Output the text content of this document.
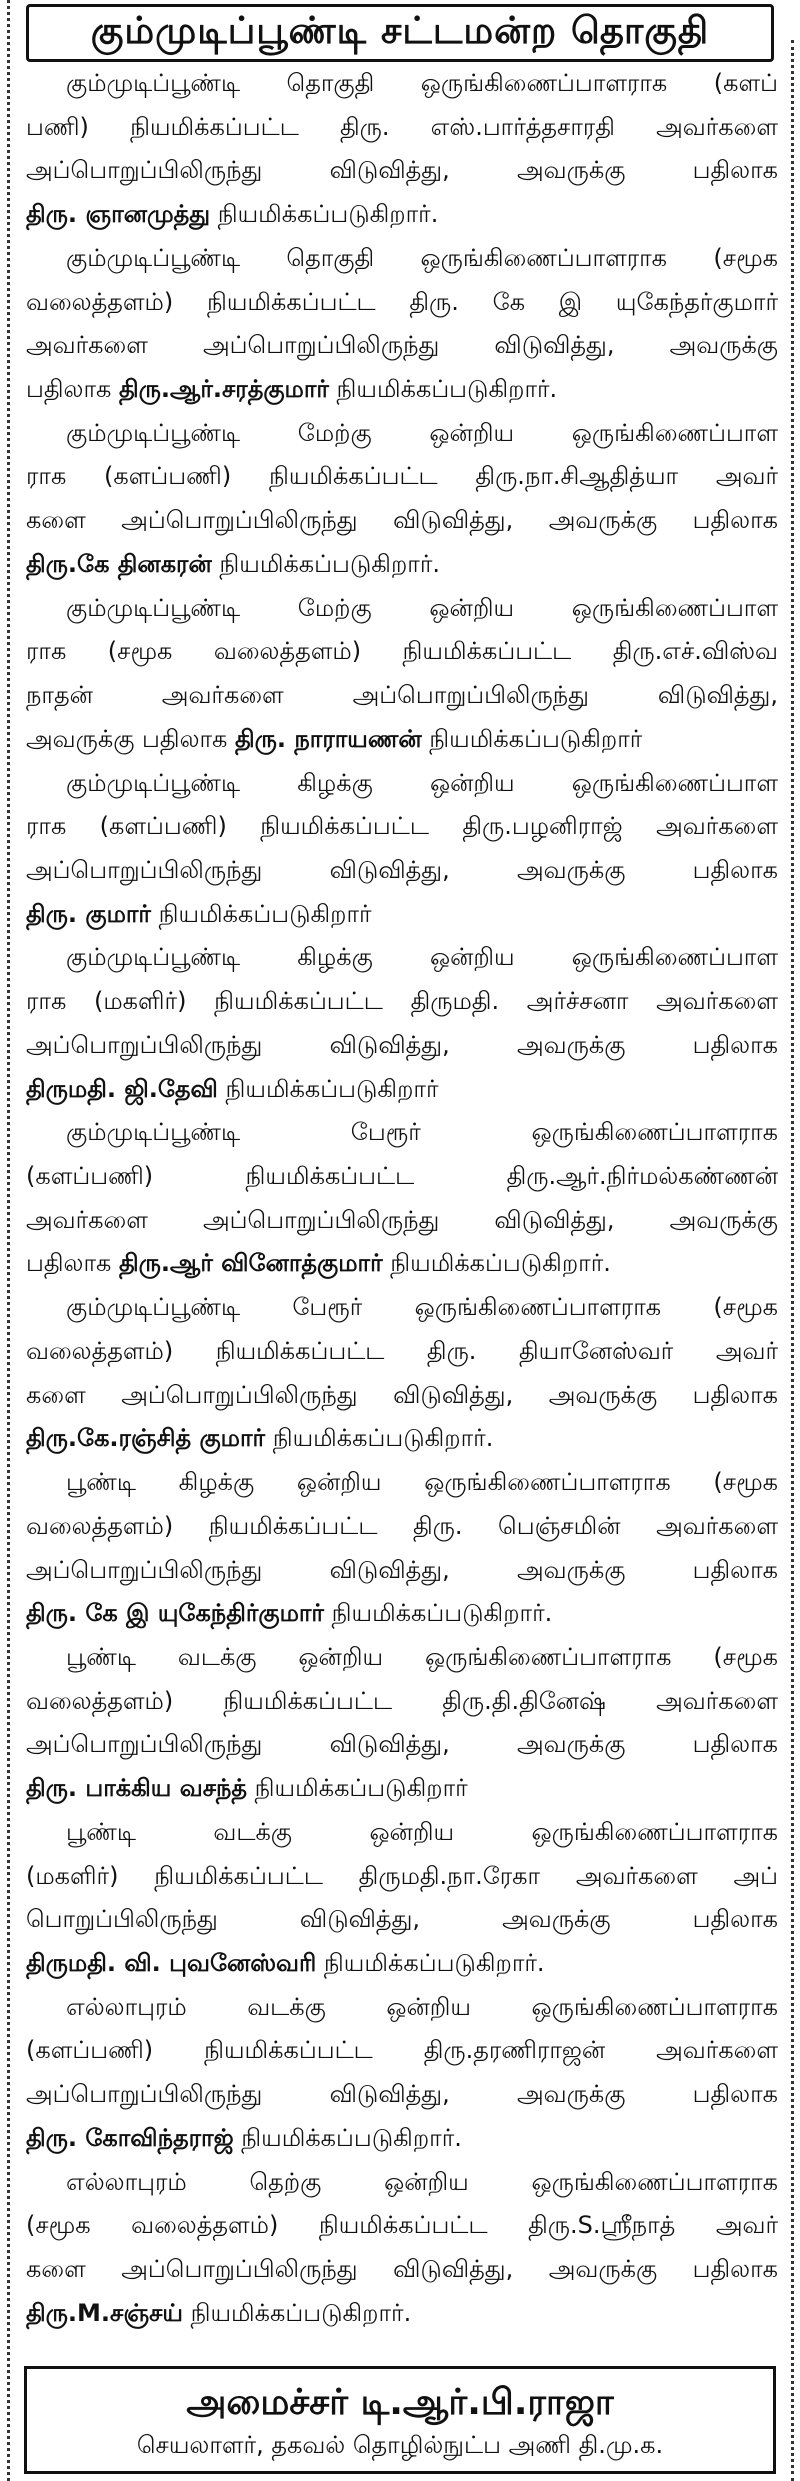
கும்முடிப்பூண்டி சட்டமன்ற தொகுதி
கும்முடிப்பூண்டி தொகுதி ஒருங்கிணைப்பாளராக (களப்
பணி) நியமிக்கப்பட்ட திரு. எஸ்.பார்த்தசாரதி அவர்களை
அப்பொறுப்பிலிருந்து விடுவித்து, அவருக்கு பதிலாக
திரு. ஞானமுத்து நியமிக்கப்படுகிறார்.
கும்முடிப்பூண்டி தொகுதி ஒருங்கிணைப்பாளராக (சமூக
வலைத்தளம்) நியமிக்கப்பட்ட திரு. கே இ யுகேந்தர்குமார்
அவர்களை அப்பொறுப்பிலிருந்து விடுவித்து, அவருக்கு
பதிலாக திரு.ஆர்.சரத்குமார் நியமிக்கப்படுகிறார்.
கும்முடிப்பூண்டி மேற்கு ஒன்றிய ஒருங்கிணைப்பாள
ராக (களப்பணி) நியமிக்கப்பட்ட திரு.நா.சிஆதித்யா அவர்
களை அப்பொறுப்பிலிருந்து விடுவித்து, அவருக்கு பதிலாக
திரு.கே தினகரன் நியமிக்கப்படுகிறார்.
கும்முடிப்பூண்டி மேற்கு ஒன்றிய ஒருங்கிணைப்பாள
ராக (சமூக வலைத்தளம்) நியமிக்கப்பட்ட திரு.எச்.விஸ்வ
நாதன் அவர்களை அப்பொறுப்பிலிருந்து விடுவித்து,
அவருக்கு பதிலாக திரு. நாராயணன் நியமிக்கப்படுகிறார்
கும்முடிப்பூண்டி கிழக்கு ஒன்றிய ஒருங்கிணைப்பாள
ராக (களப்பணி) நியமிக்கப்பட்ட திரு.பழனிராஜ் அவர்களை
அப்பொறுப்பிலிருந்து விடுவித்து, அவருக்கு பதிலாக
திரு. குமார் நியமிக்கப்படுகிறார்
கும்முடிப்பூண்டி கிழக்கு ஒன்றிய ஒருங்கிணைப்பாள
ராக (மகளிர்) நியமிக்கப்பட்ட திருமதி. அர்ச்சனா அவர்களை
அப்பொறுப்பிலிருந்து விடுவித்து, அவருக்கு பதிலாக
திருமதி. ஜி.தேவி நியமிக்கப்படுகிறார்
கும்முடிப்பூண்டி பேரூர் ஒருங்கிணைப்பாளராக
(களப்பணி) நியமிக்கப்பட்ட திரு.ஆர்.நிர்மல்கண்ணன்
அவர்களை அப்பொறுப்பிலிருந்து விடுவித்து, அவருக்கு
பதிலாக திரு.ஆர் வினோத்குமார் நியமிக்கப்படுகிறார்.
கும்முடிப்பூண்டி பேரூர் ஒருங்கிணைப்பாளராக (சமூக
வலைத்தளம்) நியமிக்கப்பட்ட திரு. தியானேஸ்வர் அவர்
களை அப்பொறுப்பிலிருந்து விடுவித்து, அவருக்கு பதிலாக
திரு.கே.ரஞ்சித் குமார் நியமிக்கப்படுகிறார்.
பூண்டி கிழக்கு ஒன்றிய ஒருங்கிணைப்பாளராக (சமூக
வலைத்தளம்) நியமிக்கப்பட்ட திரு. பெஞ்சமின் அவர்களை
அப்பொறுப்பிலிருந்து விடுவித்து, அவருக்கு பதிலாக
திரு. கே இ யுகேந்திர்குமார் நியமிக்கப்படுகிறார்.
பூண்டி வடக்கு ஒன்றிய ஒருங்கிணைப்பாளராக (சமூக
வலைத்தளம்) நியமிக்கப்பட்ட திரு.தி.தினேஷ் அவர்களை
அப்பொறுப்பிலிருந்து விடுவித்து, அவருக்கு பதிலாக
திரு. பாக்கிய வசந்த் நியமிக்கப்படுகிறார்
பூண்டி வடக்கு ஒன்றிய ஒருங்கிணைப்பாளராக
(மகளிர்) நியமிக்கப்பட்ட திருமதி.நா.ரேகா அவர்களை அப்
பொறுப்பிலிருந்து விடுவித்து, அவருக்கு பதிலாக
திருமதி. வி. புவனேஸ்வரி நியமிக்கப்படுகிறார்.
எல்லாபுரம் வடக்கு ஒன்றிய ஒருங்கிணைப்பாளராக
(களப்பணி) நியமிக்கப்பட்ட திரு.தரணிராஜன் அவர்களை
அப்பொறுப்பிலிருந்து விடுவித்து, அவருக்கு பதிலாக
திரு. கோவிந்தராஜ் நியமிக்கப்படுகிறார்.
எல்லாபுரம் தெற்கு ஒன்றிய ஒருங்கிணைப்பாளராக
(சமூக வலைத்தளம்) நியமிக்கப்பட்ட திரு.S.ஸ்ரீநாத் அவர்
களை அப்பொறுப்பிலிருந்து விடுவித்து, அவருக்கு பதிலாக
திரு.M.சஞ்சய் நியமிக்கப்படுகிறார்.
அமைச்சர் டி.ஆர்.பி.ராஜா
செயலாளர், தகவல் தொழில்நுட்ப அணி தி.மு.க.
